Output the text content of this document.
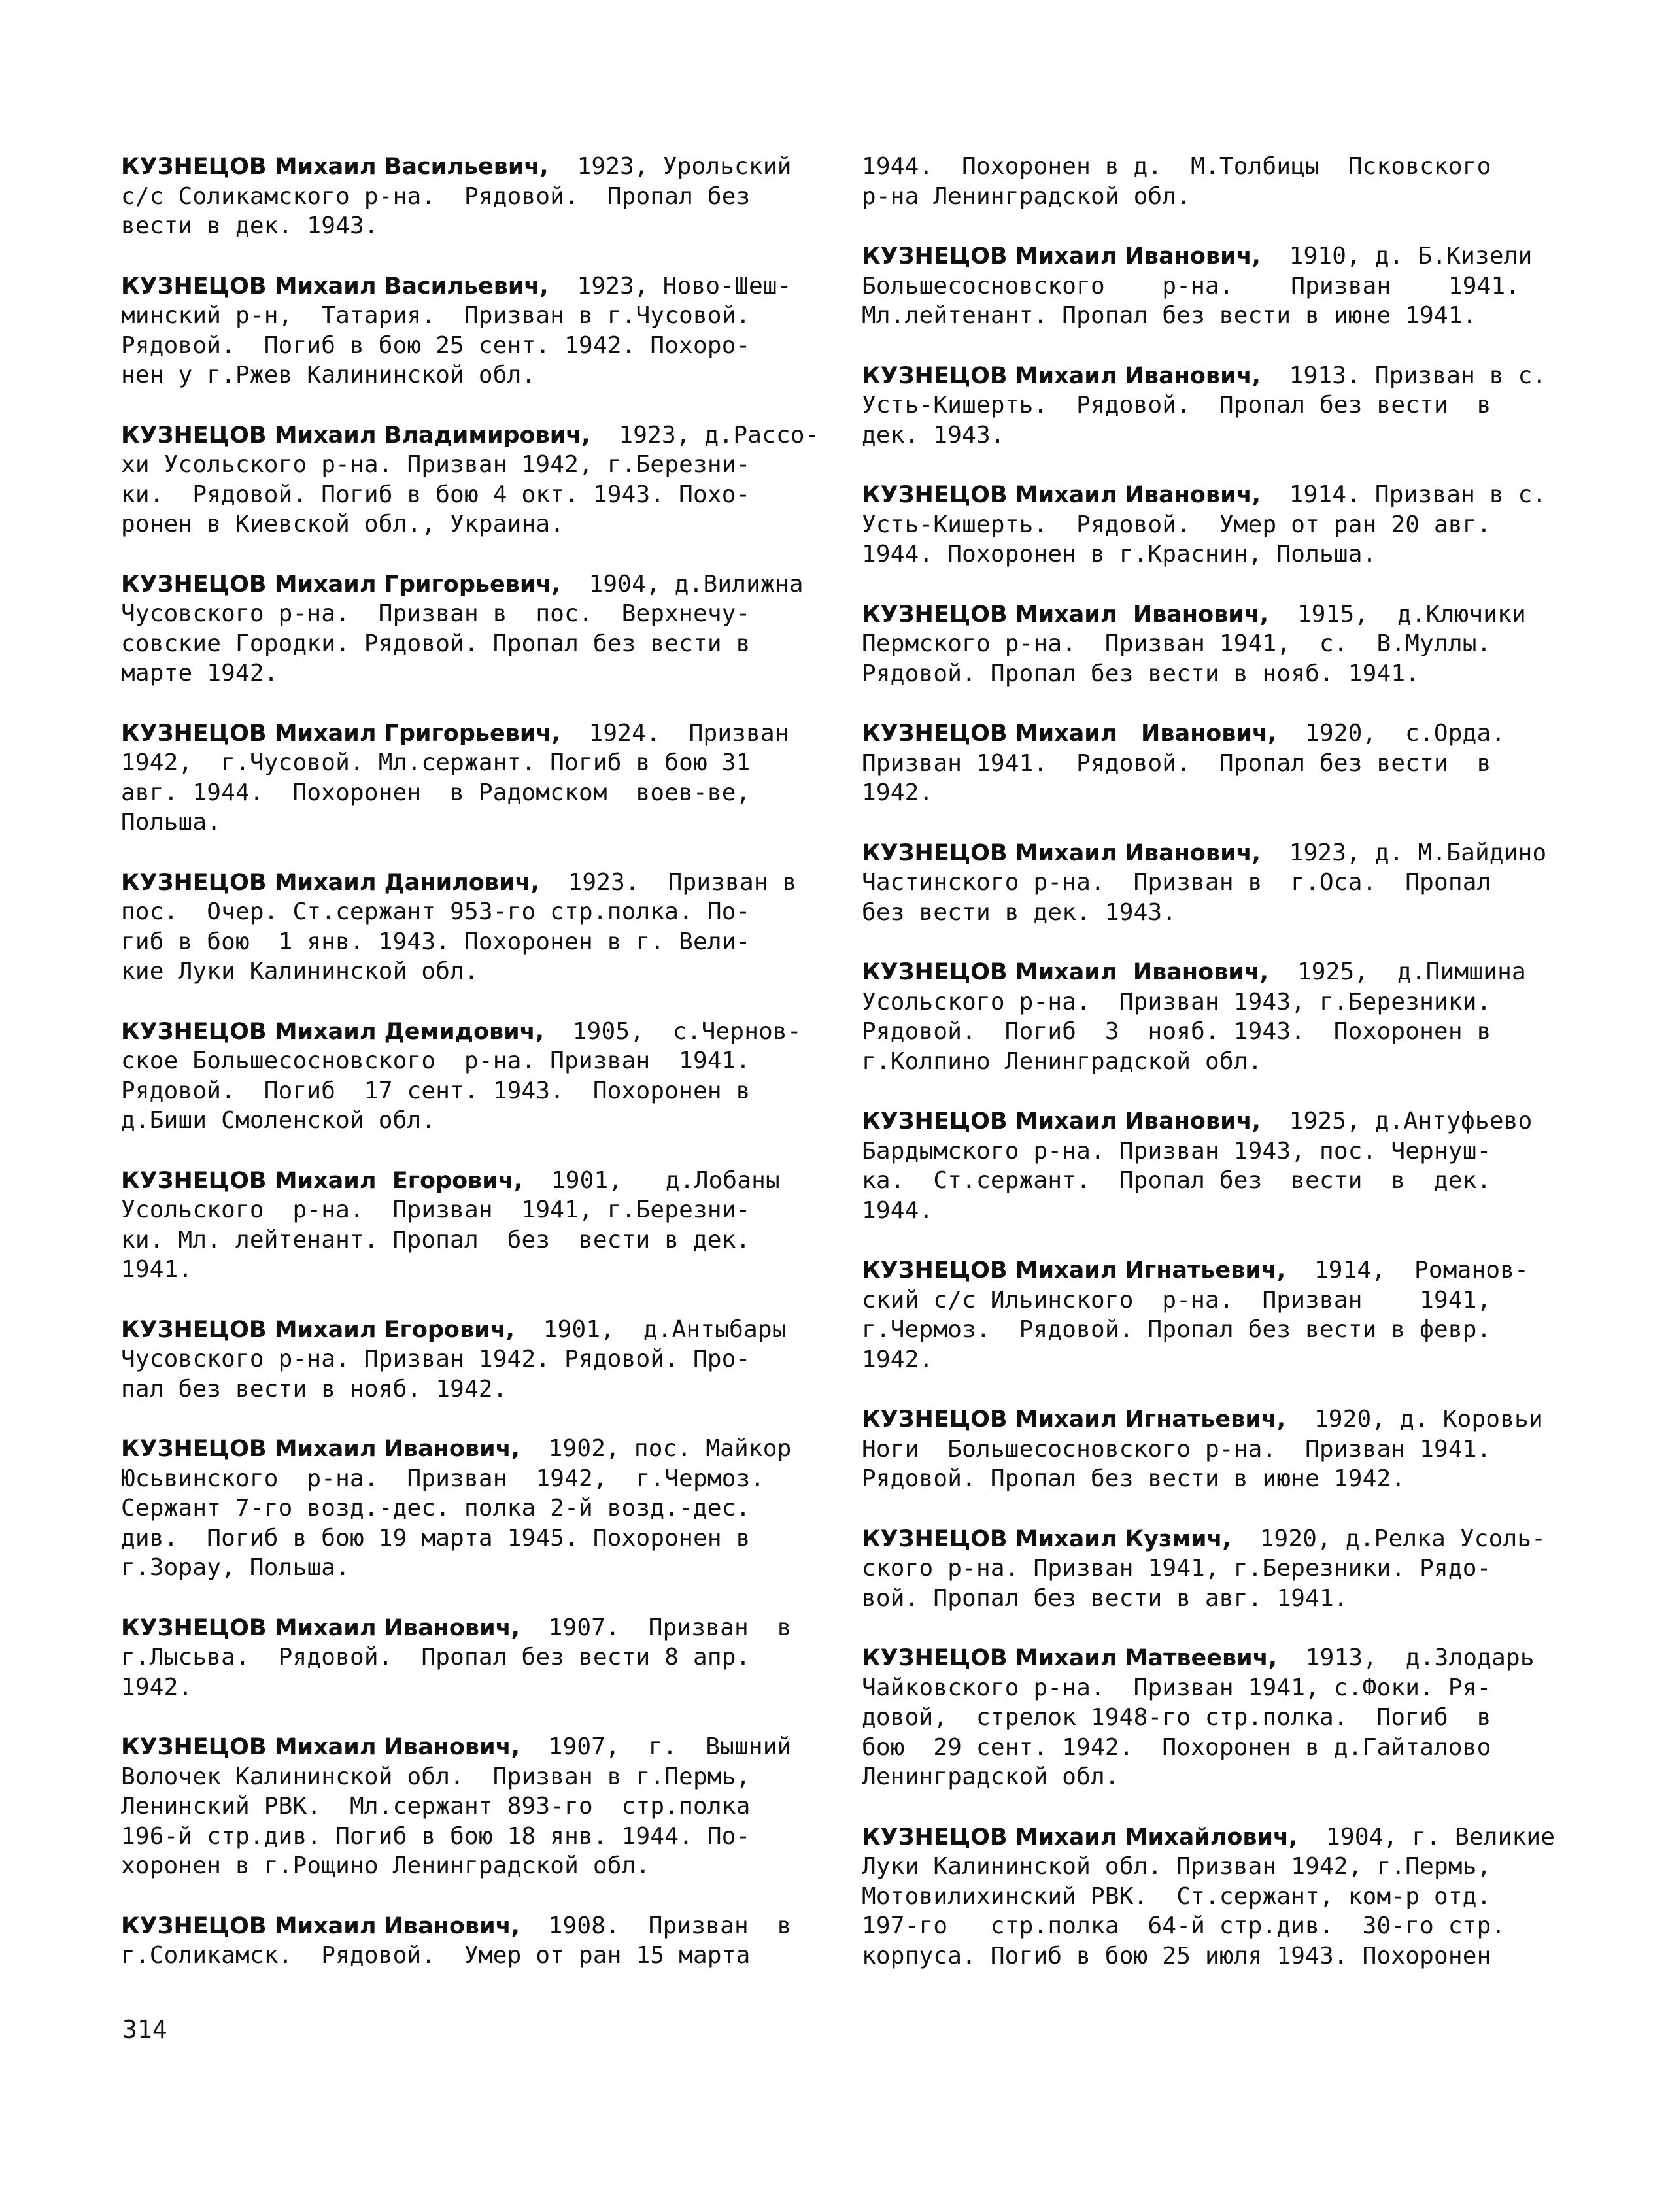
КУЗНЕЦОВ Михаил Васильевич, 1923, Урольский
с/с Соликамского р-на.  Рядовой.  Пропал без
вести в дек. 1943.
КУЗНЕЦОВ Михаил Васильевич, 1923, Ново-Шеш-
минский р-н,  Татария.  Призван в г.Чусовой.
Рядовой.  Погиб в бою 25 сент. 1942. Похоро-
нен у г.Ржев Калининской обл.
КУЗНЕЦОВ Михаил Владимирович, 1923, д.Рассо-
хи Усольского р-на. Призван 1942, г.Березни-
ки.  Рядовой. Погиб в бою 4 окт. 1943. Похо-
ронен в Киевской обл., Украина.
КУЗНЕЦОВ Михаил Григорьевич, 1904, д.Вилижна
Чусовского р-на.  Призван в  пос.  Верхнечу-
совские Городки. Рядовой. Пропал без вести в
марте 1942.
КУЗНЕЦОВ Михаил Григорьевич, 1924.  Призван
1942,  г.Чусовой. Мл.сержант. Погиб в бою 31
авг. 1944.  Похоронен  в Радомском  воев-ве,
Польша.
КУЗНЕЦОВ Михаил Данилович, 1923.  Призван в
пос.  Очер. Ст.сержант 953-го стр.полка. По-
гиб в бою  1 янв. 1943. Похоронен в г. Вели-
кие Луки Калининской обл.
КУЗНЕЦОВ Михаил Демидович, 1905,  с.Чернов-
ское Большесосновского  р-на. Призван  1941.
Рядовой.  Погиб  17 сент. 1943.  Похоронен в
д.Биши Смоленской обл.
КУЗНЕЦОВ Михаил  Егорович, 1901,   д.Лобаны
Усольского  р-на.  Призван  1941, г.Березни-
ки. Мл. лейтенант. Пропал  без  вести в дек.
1941.
КУЗНЕЦОВ Михаил Егорович, 1901,  д.Антыбары
Чусовского р-на. Призван 1942. Рядовой. Про-
пал без вести в нояб. 1942.
КУЗНЕЦОВ Михаил Иванович, 1902, пос. Майкор
Юсьвинского  р-на.  Призван  1942,  г.Чермоз.
Сержант 7-го возд.-дес. полка 2-й возд.-дес.
див.  Погиб в бою 19 марта 1945. Похоронен в
г.Зорау, Польша.
КУЗНЕЦОВ Михаил Иванович, 1907.  Призван  в
г.Лысьва.  Рядовой.  Пропал без вести 8 апр.
1942.
КУЗНЕЦОВ Михаил Иванович, 1907,  г.  Вышний
Волочек Калининской обл.  Призван в г.Пермь,
Ленинский РВК.  Мл.сержант 893-го  стр.полка
196-й стр.див. Погиб в бою 18 янв. 1944. По-
хоронен в г.Рощино Ленинградской обл.
КУЗНЕЦОВ Михаил Иванович, 1908.  Призван  в
г.Соликамск.  Рядовой.  Умер от ран 15 марта
1944.  Похоронен в д.  М.Толбицы  Псковского
р-на Ленинградской обл.
КУЗНЕЦОВ Михаил Иванович, 1910, д. Б.Кизели
Большесосновского    р-на.    Призван    1941.
Мл.лейтенант. Пропал без вести в июне 1941.
КУЗНЕЦОВ Михаил Иванович, 1913. Призван в с.
Усть-Кишерть.  Рядовой.  Пропал без вести  в
дек. 1943.
КУЗНЕЦОВ Михаил Иванович, 1914. Призван в с.
Усть-Кишерть.  Рядовой.  Умер от ран 20 авг.
1944. Похоронен в г.Краснин, Польша.
КУЗНЕЦОВ Михаил  Иванович, 1915,  д.Ключики
Пермского р-на.  Призван 1941,  с.  В.Муллы.
Рядовой. Пропал без вести в нояб. 1941.
КУЗНЕЦОВ Михаил   Иванович, 1920,  с.Орда.
Призван 1941.  Рядовой.  Пропал без вести  в
1942.
КУЗНЕЦОВ Михаил Иванович, 1923, д. М.Байдино
Частинского р-на.  Призван в  г.Оса.  Пропал
без вести в дек. 1943.
КУЗНЕЦОВ Михаил  Иванович, 1925,  д.Пимшина
Усольского р-на.  Призван 1943, г.Березники.
Рядовой.  Погиб  3  нояб. 1943.  Похоронен в
г.Колпино Ленинградской обл.
КУЗНЕЦОВ Михаил Иванович, 1925, д.Антуфьево
Бардымского р-на. Призван 1943, пос. Чернуш-
ка.  Ст.сержант.  Пропал без  вести  в  дек.
1944.
КУЗНЕЦОВ Михаил Игнатьевич, 1914,  Романов-
ский с/с Ильинского  р-на.  Призван    1941,
г.Чермоз.  Рядовой. Пропал без вести в февр.
1942.
КУЗНЕЦОВ Михаил Игнатьевич, 1920, д. Коровьи
Ноги  Большесосновского р-на.  Призван 1941.
Рядовой. Пропал без вести в июне 1942.
КУЗНЕЦОВ Михаил Кузмич, 1920, д.Релка Усоль-
ского р-на. Призван 1941, г.Березники. Рядо-
вой. Пропал без вести в авг. 1941.
КУЗНЕЦОВ Михаил Матвеевич, 1913,  д.Злодарь
Чайковского р-на.  Призван 1941, с.Фоки. Ря-
довой,  стрелок 1948-го стр.полка.  Погиб  в
бою  29 сент. 1942.  Похоронен в д.Гайталово
Ленинградской обл.
КУЗНЕЦОВ Михаил Михайлович, 1904, г. Великие
Луки Калининской обл. Призван 1942, г.Пермь,
Мотовилихинский РВК.  Ст.сержант, ком-р отд.
197-го   стр.полка  64-й стр.див.  30-го стр.
корпуса. Погиб в бою 25 июля 1943. Похоронен
314
